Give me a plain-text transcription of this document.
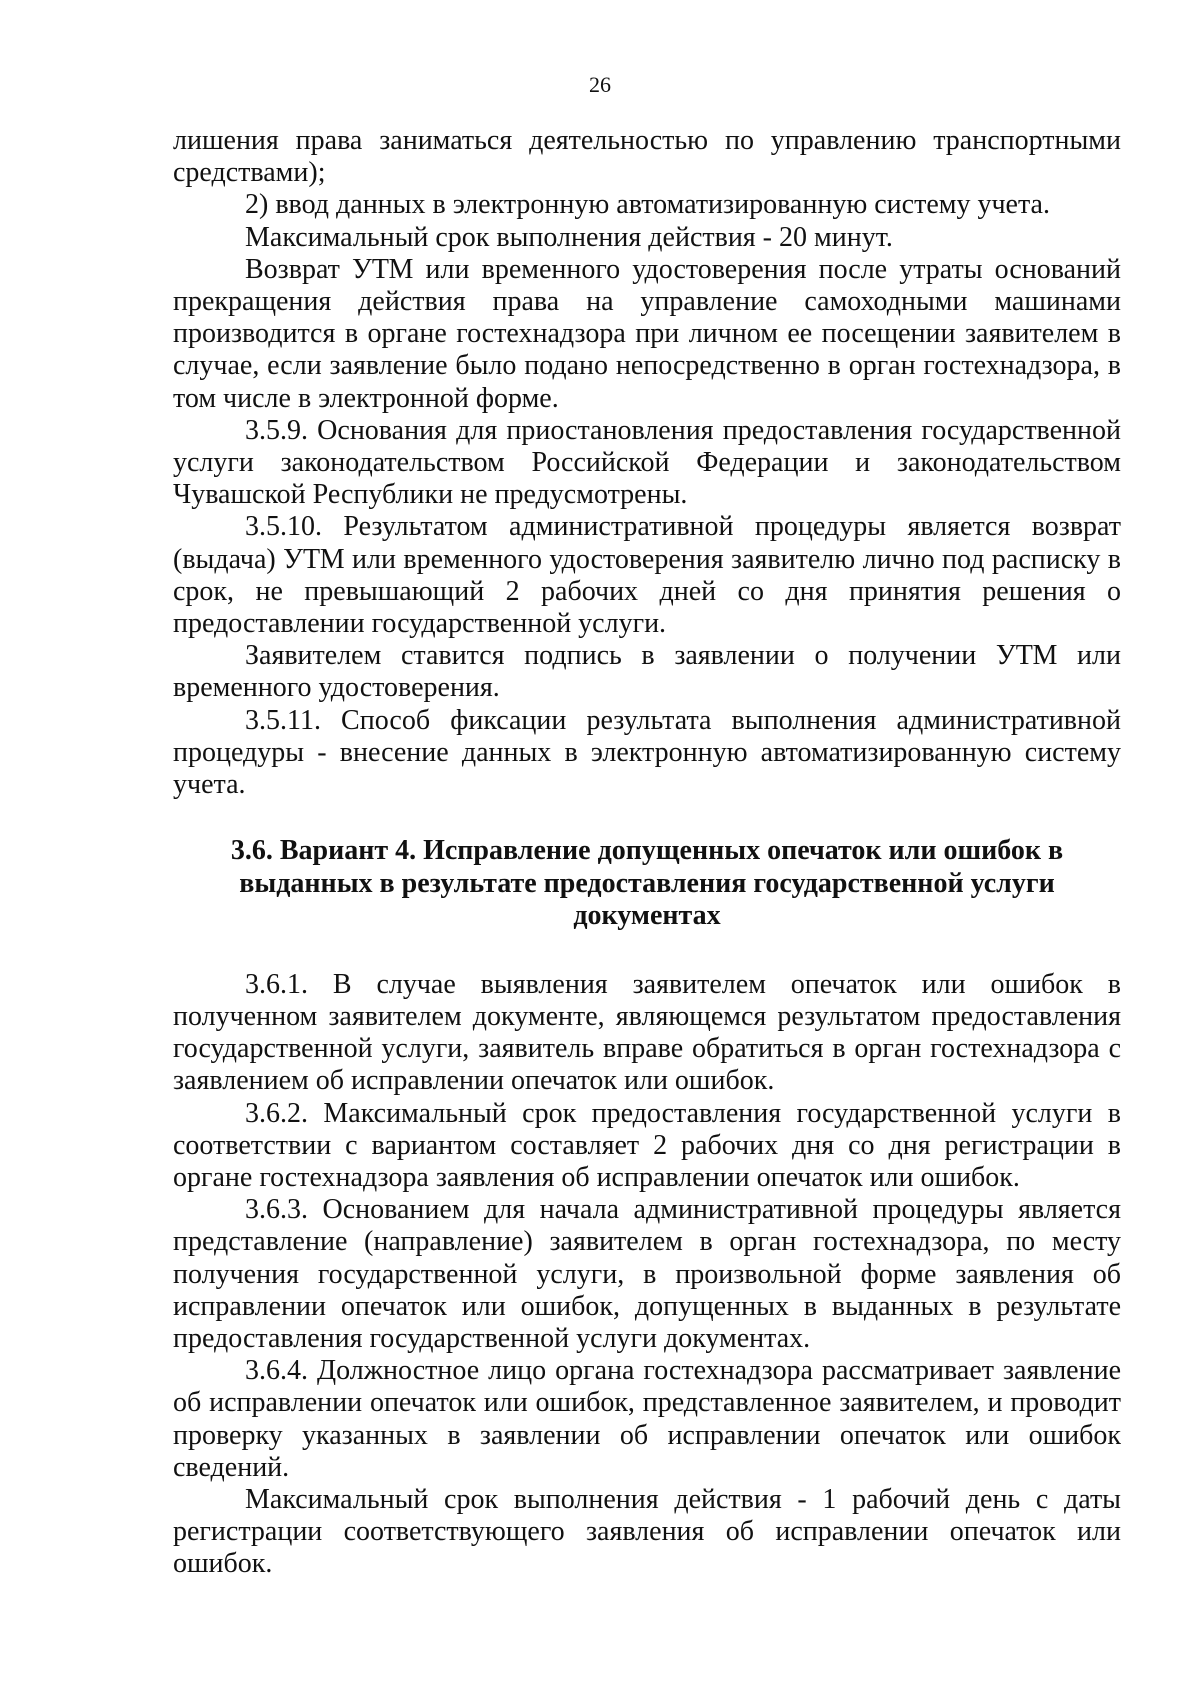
26

лишения права заниматься деятельностью по управлению транспортными средствами);

2) ввод данных в электронную автоматизированную систему учета.

Максимальный срок выполнения действия - 20 минут.

Возврат УТМ или временного удостоверения после утраты оснований прекращения действия права на управление самоходными машинами производится в органе гостехнадзора при личном ее посещении заявителем в случае, если заявление было подано непосредственно в орган гостехнадзора, в том числе в электронной форме.

3.5.9. Основания для приостановления предоставления государственной услуги законодательством Российской Федерации и законодательством Чувашской Республики не предусмотрены.

3.5.10. Результатом административной процедуры является возврат (выдача) УТМ или временного удостоверения заявителю лично под расписку в срок, не превышающий 2 рабочих дней со дня принятия решения о предоставлении государственной услуги.

Заявителем ставится подпись в заявлении о получении УТМ или временного удостоверения.

3.5.11. Способ фиксации результата выполнения административной процедуры - внесение данных в электронную автоматизированную систему учета.

3.6. Вариант 4. Исправление допущенных опечаток или ошибок в
выданных в результате предоставления государственной услуги
документах

3.6.1. В случае выявления заявителем опечаток или ошибок в полученном заявителем документе, являющемся результатом предоставления государственной услуги, заявитель вправе обратиться в орган гостехнадзора с заявлением об исправлении опечаток или ошибок.

3.6.2. Максимальный срок предоставления государственной услуги в соответствии с вариантом составляет 2 рабочих дня со дня регистрации в органе гостехнадзора заявления об исправлении опечаток или ошибок.

3.6.3. Основанием для начала административной процедуры является представление (направление) заявителем в орган гостехнадзора, по месту получения государственной услуги, в произвольной форме заявления об исправлении опечаток или ошибок, допущенных в выданных в результате предоставления государственной услуги документах.

3.6.4. Должностное лицо органа гостехнадзора рассматривает заявление об исправлении опечаток или ошибок, представленное заявителем, и проводит проверку указанных в заявлении об исправлении опечаток или ошибок сведений.

Максимальный срок выполнения действия - 1 рабочий день с даты регистрации соответствующего заявления об исправлении опечаток или ошибок.
